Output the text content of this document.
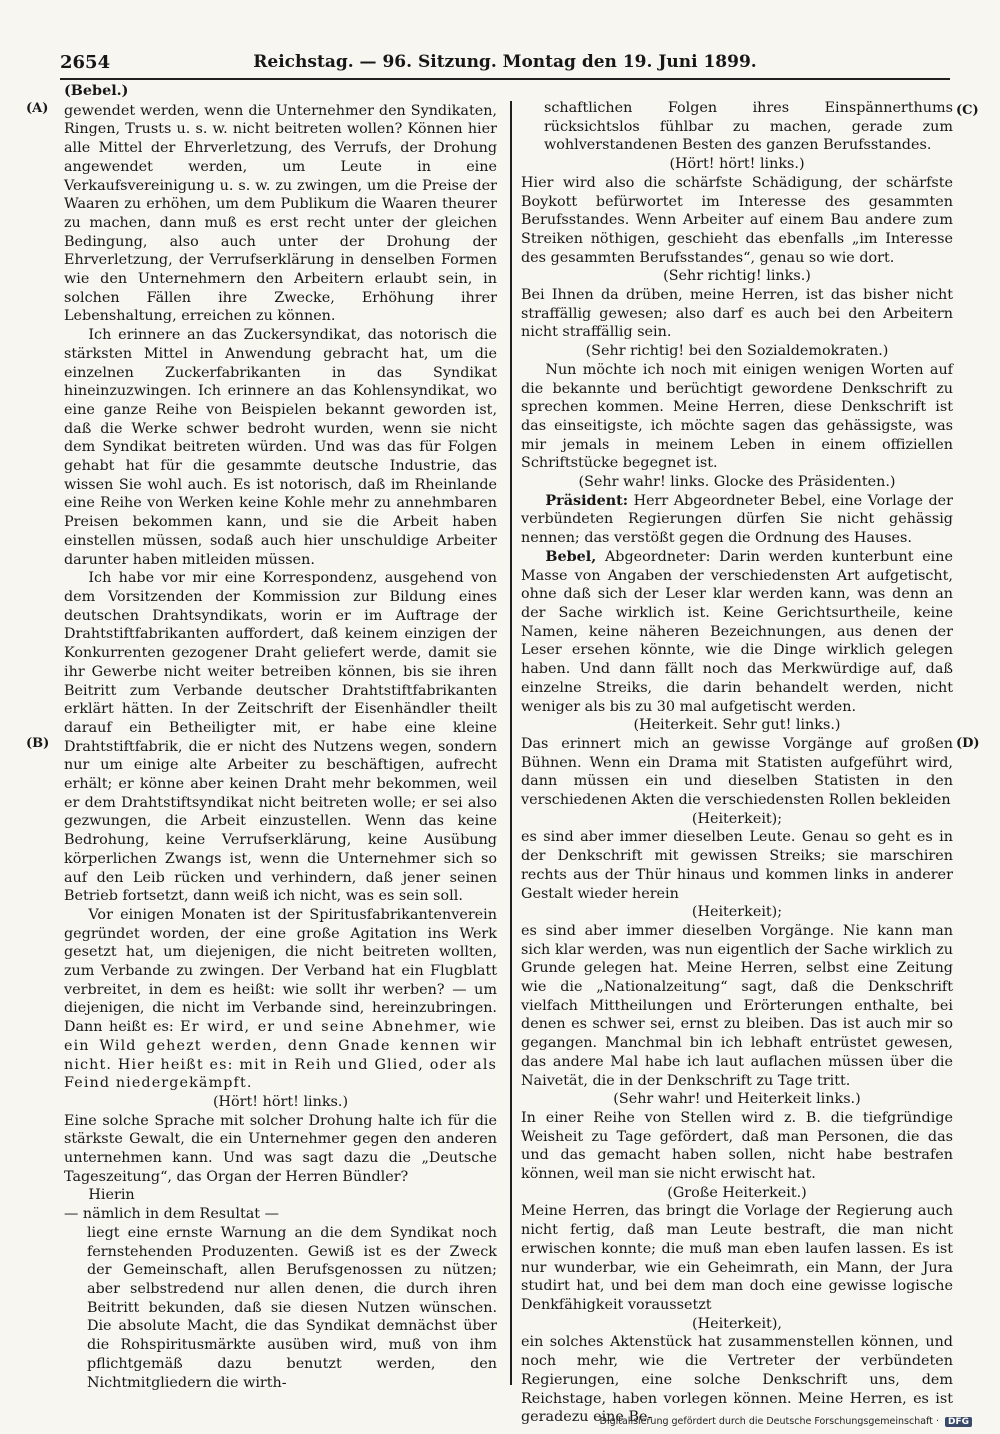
2654	Reichstag. — 96. Sitzung. Montag den 19. Juni 1899.
(A)
(B)
(C)
(D)

(Bebel.)

gewendet werden, wenn die Unternehmer den Syndikaten, Ringen, Trusts u. s. w. nicht beitreten wollen? Können hier alle Mittel der Ehrverletzung, des Verrufs, der Drohung angewendet werden, um Leute in eine Verkaufsvereinigung u. s. w. zu zwingen, um die Preise der Waaren zu erhöhen, um dem Publikum die Waaren theurer zu machen, dann muß es erst recht unter der gleichen Bedingung, also auch unter der Drohung der Ehrverletzung, der Verrufserklärung in denselben Formen wie den Unternehmern den Arbeitern erlaubt sein, in solchen Fällen ihre Zwecke, Erhöhung ihrer Lebenshaltung, erreichen zu können.

Ich erinnere an das Zuckersyndikat, das notorisch die stärksten Mittel in Anwendung gebracht hat, um die einzelnen Zuckerfabrikanten in das Syndikat hineinzuzwingen. Ich erinnere an das Kohlensyndikat, wo eine ganze Reihe von Beispielen bekannt geworden ist, daß die Werke schwer bedroht wurden, wenn sie nicht dem Syndikat beitreten würden. Und was das für Folgen gehabt hat für die gesammte deutsche Industrie, das wissen Sie wohl auch. Es ist notorisch, daß im Rheinlande eine Reihe von Werken keine Kohle mehr zu annehmbaren Preisen bekommen kann, und sie die Arbeit haben einstellen müssen, sodaß auch hier unschuldige Arbeiter darunter haben mitleiden müssen.

Ich habe vor mir eine Korrespondenz, ausgehend von dem Vorsitzenden der Kommission zur Bildung eines deutschen Drahtsyndikats, worin er im Auftrage der Drahtstiftfabrikanten auffordert, daß keinem einzigen der Konkurrenten gezogener Draht geliefert werde, damit sie ihr Gewerbe nicht weiter betreiben können, bis sie ihren Beitritt zum Verbande deutscher Drahtstiftfabrikanten erklärt hätten. In der Zeitschrift der Eisenhändler theilt darauf ein Betheiligter mit, er habe eine kleine Drahtstiftfabrik, die er nicht des Nutzens wegen, sondern nur um einige alte Arbeiter zu beschäftigen, aufrecht erhält; er könne aber keinen Draht mehr bekommen, weil er dem Drahtstiftsyndikat nicht beitreten wolle; er sei also gezwungen, die Arbeit einzustellen. Wenn das keine Bedrohung, keine Verrufserklärung, keine Ausübung körperlichen Zwangs ist, wenn die Unternehmer sich so auf den Leib rücken und verhindern, daß jener seinen Betrieb fortsetzt, dann weiß ich nicht, was es sein soll.

Vor einigen Monaten ist der Spiritusfabrikantenverein gegründet worden, der eine große Agitation ins Werk gesetzt hat, um diejenigen, die nicht beitreten wollten, zum Verbande zu zwingen. Der Verband hat ein Flugblatt verbreitet, in dem es heißt: wie sollt ihr werben? — um diejenigen, die nicht im Verbande sind, hereinzubringen. Dann heißt es: Er wird, er und seine Abnehmer, wie ein Wild gehezt werden, denn Gnade kennen wir nicht. Hier heißt es: mit in Reih und Glied, oder als Feind niedergekämpft.

(Hört! hört! links.)

Eine solche Sprache mit solcher Drohung halte ich für die stärkste Gewalt, die ein Unternehmer gegen den anderen unternehmen kann. Und was sagt dazu die „Deutsche Tageszeitung“, das Organ der Herren Bündler?

Hierin

— nämlich in dem Resultat —

liegt eine ernste Warnung an die dem Syndikat noch fernstehenden Produzenten. Gewiß ist es der Zweck der Gemeinschaft, allen Berufsgenossen zu nützen; aber selbstredend nur allen denen, die durch ihren Beitritt bekunden, daß sie diesen Nutzen wünschen. Die absolute Macht, die das Syndikat demnächst über die Rohspiritusmärkte ausüben wird, muß von ihm pflichtgemäß dazu benutzt werden, den Nichtmitgliedern die wirth-

schaftlichen Folgen ihres Einspännerthums rücksichtslos fühlbar zu machen, gerade zum wohlverstandenen Besten des ganzen Berufsstandes.

(Hört! hört! links.)

Hier wird also die schärfste Schädigung, der schärfste Boykott befürwortet im Interesse des gesammten Berufsstandes. Wenn Arbeiter auf einem Bau andere zum Streiken nöthigen, geschieht das ebenfalls „im Interesse des gesammten Berufsstandes“, genau so wie dort.

(Sehr richtig! links.)

Bei Ihnen da drüben, meine Herren, ist das bisher nicht straffällig gewesen; also darf es auch bei den Arbeitern nicht straffällig sein.

(Sehr richtig! bei den Sozialdemokraten.)

Nun möchte ich noch mit einigen wenigen Worten auf die bekannte und berüchtigt gewordene Denkschrift zu sprechen kommen. Meine Herren, diese Denkschrift ist das einseitigste, ich möchte sagen das gehässigste, was mir jemals in meinem Leben in einem offiziellen Schriftstücke begegnet ist.

(Sehr wahr! links. Glocke des Präsidenten.)

Präsident: Herr Abgeordneter Bebel, eine Vorlage der verbündeten Regierungen dürfen Sie nicht gehässig nennen; das verstößt gegen die Ordnung des Hauses.

Bebel, Abgeordneter: Darin werden kunterbunt eine Masse von Angaben der verschiedensten Art aufgetischt, ohne daß sich der Leser klar werden kann, was denn an der Sache wirklich ist. Keine Gerichtsurtheile, keine Namen, keine näheren Bezeichnungen, aus denen der Leser ersehen könnte, wie die Dinge wirklich gelegen haben. Und dann fällt noch das Merkwürdige auf, daß einzelne Streiks, die darin behandelt werden, nicht weniger als bis zu 30 mal aufgetischt werden.

(Heiterkeit. Sehr gut! links.)

Das erinnert mich an gewisse Vorgänge auf großen Bühnen. Wenn ein Drama mit Statisten aufgeführt wird, dann müssen ein und dieselben Statisten in den verschiedenen Akten die verschiedensten Rollen bekleiden

(Heiterkeit);

es sind aber immer dieselben Leute. Genau so geht es in der Denkschrift mit gewissen Streiks; sie marschiren rechts aus der Thür hinaus und kommen links in anderer Gestalt wieder herein

(Heiterkeit);

es sind aber immer dieselben Vorgänge. Nie kann man sich klar werden, was nun eigentlich der Sache wirklich zu Grunde gelegen hat. Meine Herren, selbst eine Zeitung wie die „Nationalzeitung“ sagt, daß die Denkschrift vielfach Mittheilungen und Erörterungen enthalte, bei denen es schwer sei, ernst zu bleiben. Das ist auch mir so gegangen. Manchmal bin ich lebhaft entrüstet gewesen, das andere Mal habe ich laut auflachen müssen über die Naivetät, die in der Denkschrift zu Tage tritt.

(Sehr wahr! und Heiterkeit links.)

In einer Reihe von Stellen wird z. B. die tiefgründige Weisheit zu Tage gefördert, daß man Personen, die das und das gemacht haben sollen, nicht habe bestrafen können, weil man sie nicht erwischt hat.

(Große Heiterkeit.)

Meine Herren, das bringt die Vorlage der Regierung auch nicht fertig, daß man Leute bestraft, die man nicht erwischen konnte; die muß man eben laufen lassen. Es ist nur wunderbar, wie ein Geheimrath, ein Mann, der Jura studirt hat, und bei dem man doch eine gewisse logische Denkfähigkeit voraussetzt

(Heiterkeit),

ein solches Aktenstück hat zusammenstellen können, und noch mehr, wie die Vertreter der verbündeten Regierungen, eine solche Denkschrift uns, dem Reichstage, haben vorlegen können. Meine Herren, es ist geradezu eine Be-

Digitalisierung gefördert durch die Deutsche Forschungsgemeinschaft · DFG
